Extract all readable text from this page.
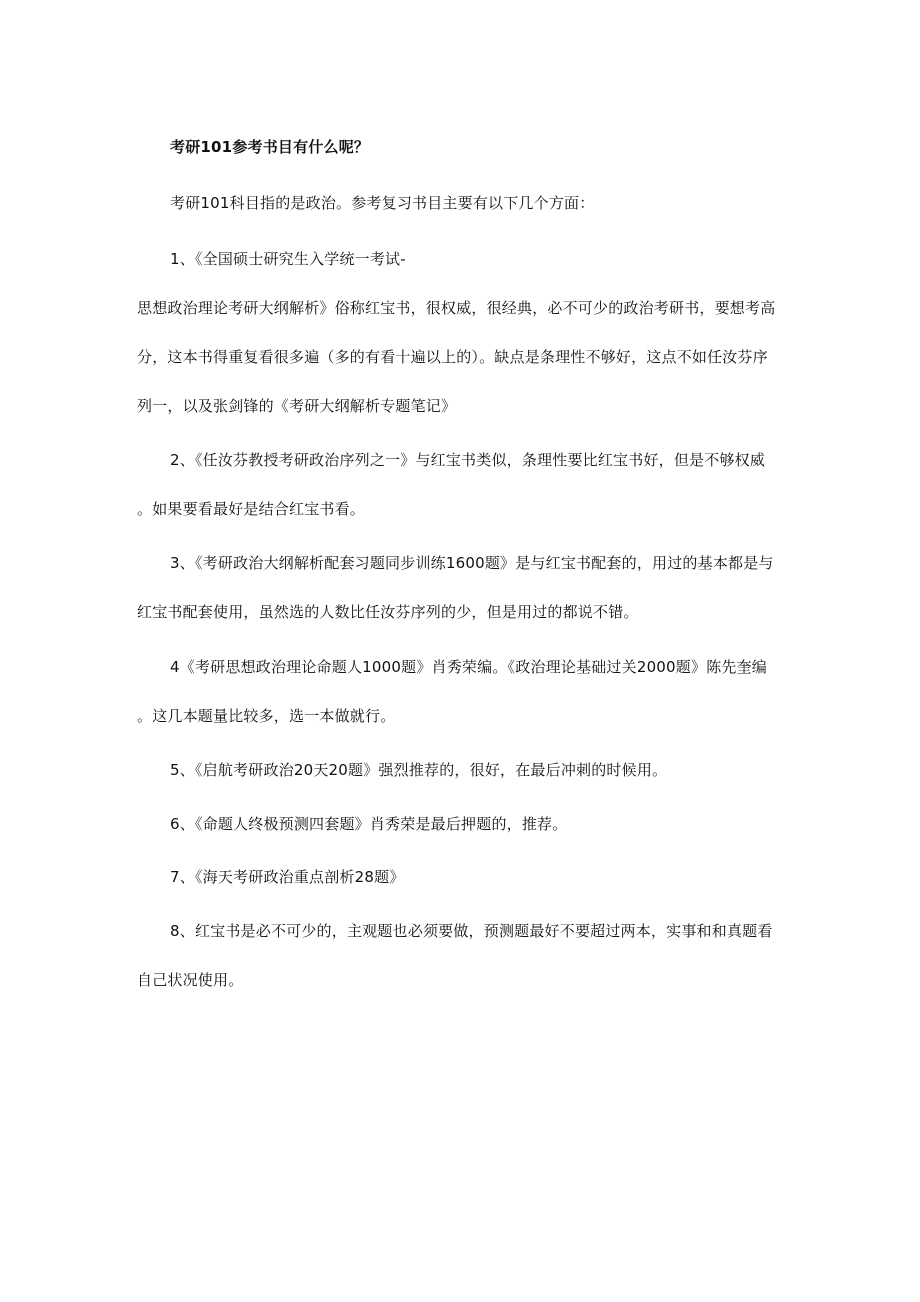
考研101参考书目有什么呢？
考研101科目指的是政治。参考复习书目主要有以下几个方面：
1、《全国硕士研究生入学统一考试-
思想政治理论考研大纲解析》俗称红宝书，很权威，很经典，必不可少的政治考研书，要想考高
分，这本书得重复看很多遍（多的有看十遍以上的）。缺点是条理性不够好，这点不如任汝芬序
列一，以及张剑锋的《考研大纲解析专题笔记》
2、《任汝芬教授考研政治序列之一》与红宝书类似，条理性要比红宝书好，但是不够权威
。如果要看最好是结合红宝书看。
3、《考研政治大纲解析配套习题同步训练1600题》是与红宝书配套的，用过的基本都是与
红宝书配套使用，虽然选的人数比任汝芬序列的少，但是用过的都说不错。
4《考研思想政治理论命题人1000题》肖秀荣编。《政治理论基础过关2000题》陈先奎编
。这几本题量比较多，选一本做就行。
5、《启航考研政治20天20题》强烈推荐的，很好，在最后冲刺的时候用。
6、《命题人终极预测四套题》肖秀荣是最后押题的，推荐。
7、《海天考研政治重点剖析28题》
8、红宝书是必不可少的，主观题也必须要做，预测题最好不要超过两本，实事和和真题看
自己状况使用。
